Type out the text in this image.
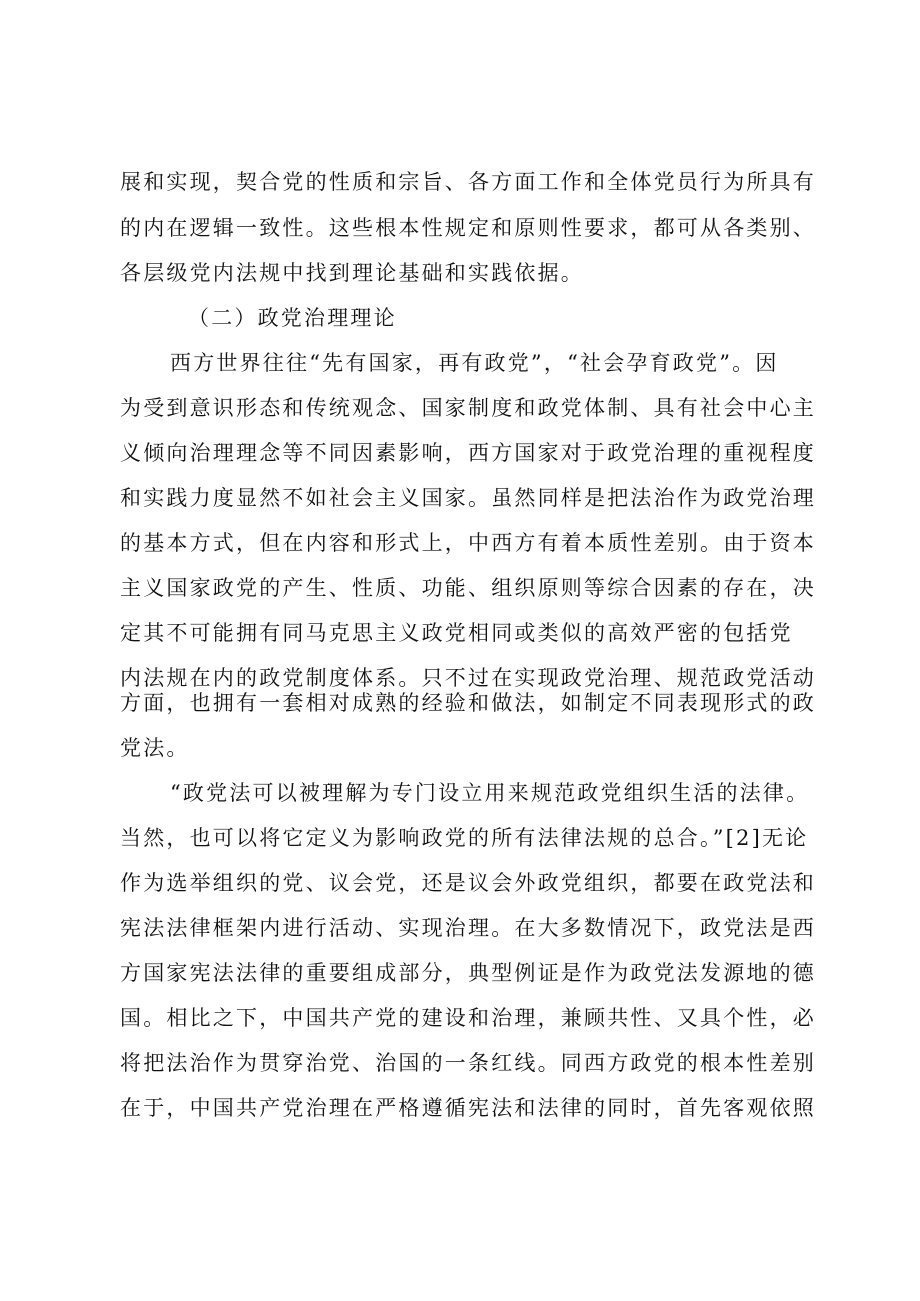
展和实现，契合党的性质和宗旨、各方面工作和全体党员行为所具有
的内在逻辑一致性。这些根本性规定和原则性要求，都可从各类别、
各层级党内法规中找到理论基础和实践依据。
（二）政党治理理论
西方世界往往“先有国家，再有政党”，“社会孕育政党”。因
为受到意识形态和传统观念、国家制度和政党体制、具有社会中心主
义倾向治理理念等不同因素影响，西方国家对于政党治理的重视程度
和实践力度显然不如社会主义国家。虽然同样是把法治作为政党治理
的基本方式，但在内容和形式上，中西方有着本质性差别。由于资本
主义国家政党的产生、性质、功能、组织原则等综合因素的存在，决
定其不可能拥有同马克思主义政党相同或类似的高效严密的包括党
内法规在内的政党制度体系。只不过在实现政党治理、规范政党活动
方面，也拥有一套相对成熟的经验和做法，如制定不同表现形式的政
党法。
“政党法可以被理解为专门设立用来规范政党组织生活的法律。
当然，也可以将它定义为影响政党的所有法律法规的总合。”[2]无论
作为选举组织的党、议会党，还是议会外政党组织，都要在政党法和
宪法法律框架内进行活动、实现治理。在大多数情况下，政党法是西
方国家宪法法律的重要组成部分，典型例证是作为政党法发源地的德
国。相比之下，中国共产党的建设和治理，兼顾共性、又具个性，必
将把法治作为贯穿治党、治国的一条红线。同西方政党的根本性差别
在于，中国共产党治理在严格遵循宪法和法律的同时，首先客观依照
